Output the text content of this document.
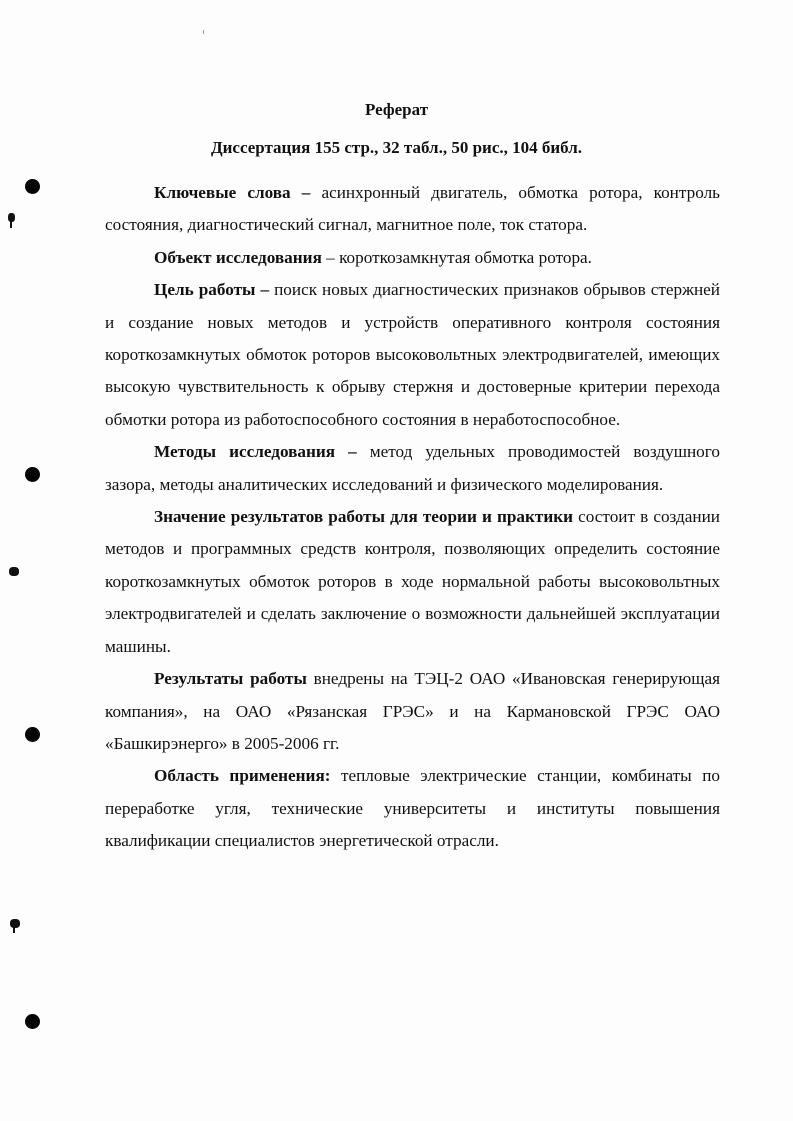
Реферат
Диссертация 155 стр., 32 табл., 50 рис., 104 библ.

Ключевые слова – асинхронный двигатель, обмотка ротора, контроль состояния, диагностический сигнал, магнитное поле, ток статора.

Объект исследования – короткозамкнутая обмотка ротора.

Цель работы – поиск новых диагностических признаков обрывов стержней и создание новых методов и устройств оперативного контроля состояния короткозамкнутых обмоток роторов высоковольтных электродвигателей, имеющих высокую чувствительность к обрыву стержня и достоверные критерии перехода обмотки ротора из работоспособного состояния в неработоспособное.

Методы исследования – метод удельных проводимостей воздушного зазора, методы аналитических исследований и физического моделирования.

Значение результатов работы для теории и практики состоит в создании методов и программных средств контроля, позволяющих определить состояние короткозамкнутых обмоток роторов в ходе нормальной работы высоковольтных электродвигателей и сделать заключение о возможности дальнейшей эксплуатации машины.

Результаты работы внедрены на ТЭЦ-2 ОАО «Ивановская генерирующая компания», на ОАО «Рязанская ГРЭС» и на Кармановской ГРЭС ОАО «Башкирэнерго» в 2005-2006 гг.

Область применения: тепловые электрические станции, комбинаты по переработке угля, технические университеты и институты повышения квалификации специалистов энергетической отрасли.
